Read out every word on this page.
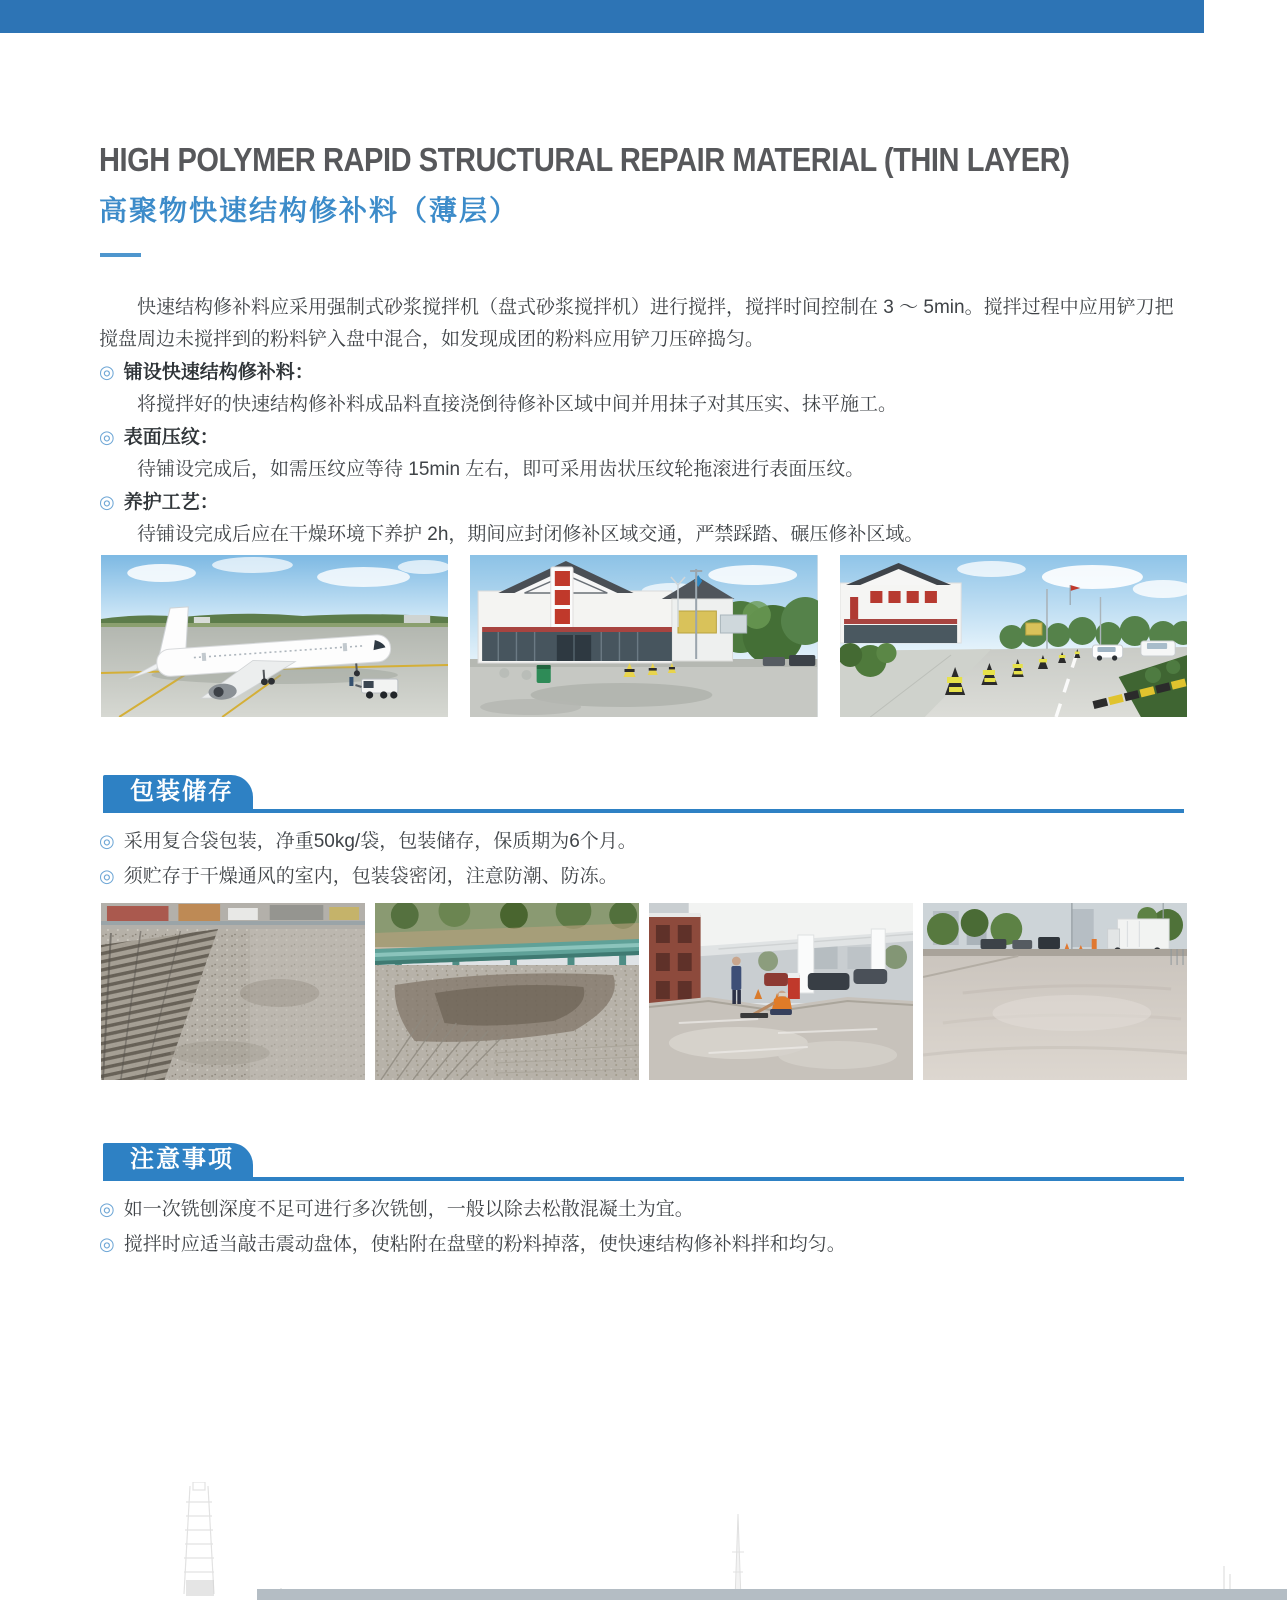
HIGH POLYMER RAPID STRUCTURAL REPAIR MATERIAL (THIN LAYER)
高聚物快速结构修补料（薄层）

快速结构修补料应采用强制式砂浆搅拌机（盘式砂浆搅拌机）进行搅拌，搅拌时间控制在 3 ～ 5min。搅拌过程中应用铲刀把搅盘周边未搅拌到的粉料铲入盘中混合，如发现成团的粉料应用铲刀压碎捣匀。

◎ 铺设快速结构修补料：

将搅拌好的快速结构修补料成品料直接浇倒待修补区域中间并用抹子对其压实、抹平施工。

◎ 表面压纹：

待铺设完成后，如需压纹应等待 15min 左右，即可采用齿状压纹轮拖滚进行表面压纹。

◎ 养护工艺：

待铺设完成后应在干燥环境下养护 2h，期间应封闭修补区域交通，严禁踩踏、碾压修补区域。

包装储存

◎ 采用复合袋包装，净重50kg/袋，包装储存，保质期为6个月。

◎ 须贮存于干燥通风的室内，包装袋密闭，注意防潮、防冻。

注意事项

◎ 如一次铣刨深度不足可进行多次铣刨，一般以除去松散混凝土为宜。

◎ 搅拌时应适当敲击震动盘体，使粘附在盘壁的粉料掉落，使快速结构修补料拌和均匀。
